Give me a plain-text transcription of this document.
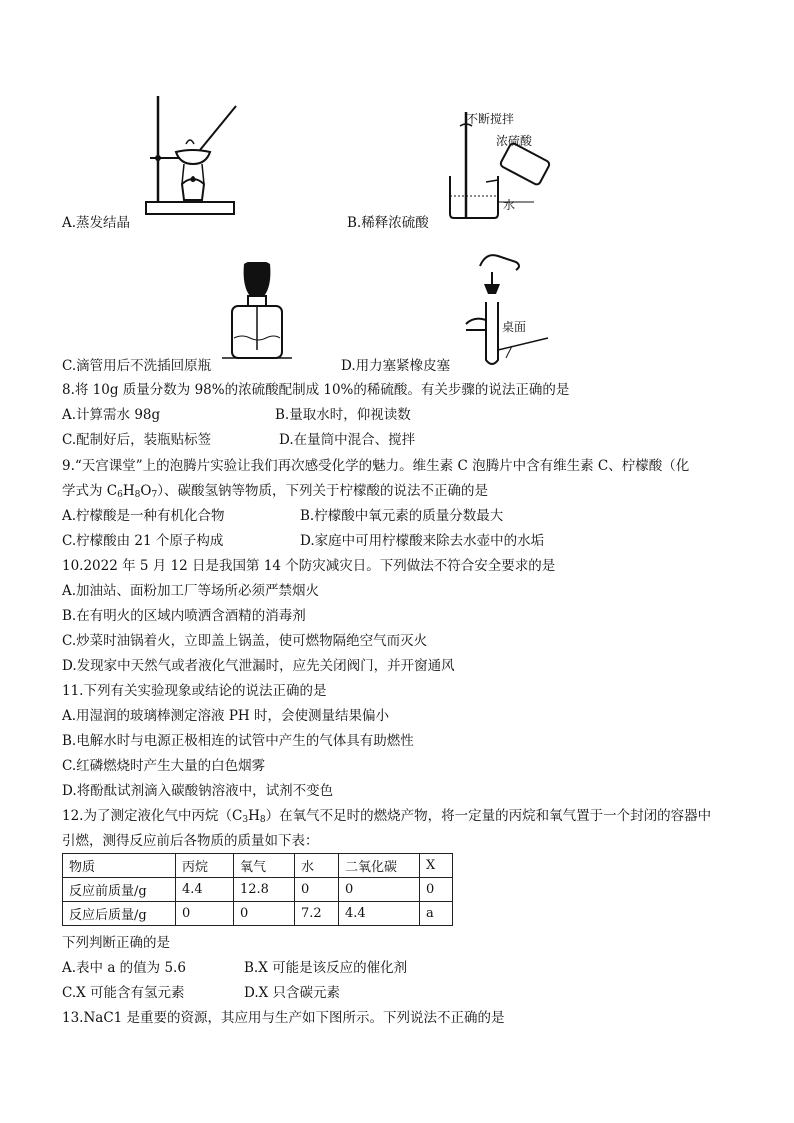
A.蒸发结晶
不断搅拌
浓硫酸
水
B.稀释浓硫酸
C.滴管用后不洗插回原瓶
桌面
D.用力塞紧橡皮塞
8.将 10g 质量分数为 98%的浓硫酸配制成 10%的稀硫酸。有关步骤的说法正确的是
A.计算需水 98g	B.量取水时，仰视读数
C.配制好后，装瓶贴标签	D.在量筒中混合、搅拌
9.“天宫课堂”上的泡腾片实验让我们再次感受化学的魅力。维生素 C 泡腾片中含有维生素 C、柠檬酸（化
学式为 $C_6H_8O_7$）、碳酸氢钠等物质，下列关于柠檬酸的说法不正确的是
A.柠檬酸是一种有机化合物	B.柠檬酸中氧元素的质量分数最大
C.柠檬酸由 21 个原子构成	D.家庭中可用柠檬酸来除去水壶中的水垢
10.2022 年 5 月 12 日是我国第 14 个防灾减灾日。下列做法不符合安全要求的是
A.加油站、面粉加工厂等场所必须严禁烟火
B.在有明火的区域内喷洒含酒精的消毒剂
C.炒菜时油锅着火，立即盖上锅盖，使可燃物隔绝空气而灭火
D.发现家中天然气或者液化气泄漏时，应先关闭阀门，并开窗通风
11.下列有关实验现象或结论的说法正确的是
A.用湿润的玻璃棒测定溶液 PH 时，会使测量结果偏小
B.电解水时与电源正极相连的试管中产生的气体具有助燃性
C.红磷燃烧时产生大量的白色烟雾
D.将酚酞试剂滴入碳酸钠溶液中，试剂不变色
12.为了测定液化气中丙烷$(C_3H_8)$在氧气不足时的燃烧产物，将一定量的丙烷和氧气置于一个封闭的容器中
引燃，测得反应前后各物质的质量如下表：
物质	丙烷	氧气	水	二氧化碳	X
反应前质量/g	4.4	12.8	0	0	0
反应后质量/g	0	0	7.2	4.4	a
下列判断正确的是
A.表中 a 的值为 5.6	B.X 可能是该反应的催化剂
C.X 可能含有氢元素	D.X 只含碳元素
13.NaC1 是重要的资源，其应用与生产如下图所示。下列说法不正确的是
